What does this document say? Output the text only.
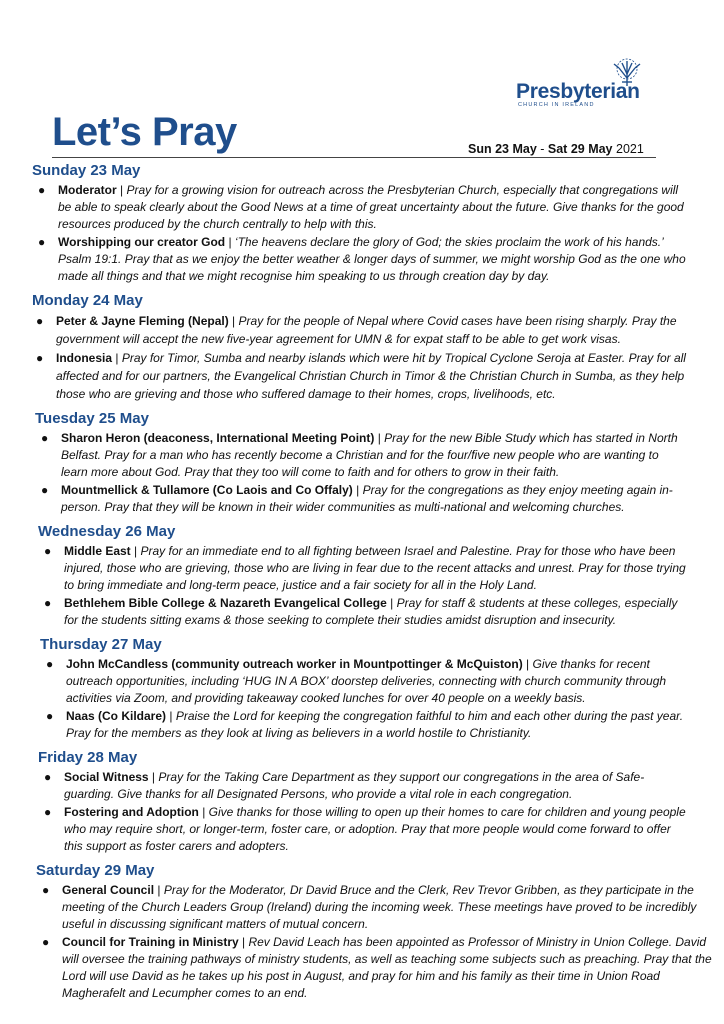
Presbyterian
CHURCH IN IRELAND
Let’s Pray	Sun 23 May - Sat 29 May 2021
Sunday 23 May
● Moderator | Pray for a growing vision for outreach across the Presbyterian Church, especially that congregations will be able to speak clearly about the Good News at a time of great uncertainty about the future. Give thanks for the good resources produced by the church centrally to help with this.
● Worshipping our creator God | ‘The heavens declare the glory of God; the skies proclaim the work of his hands.’ Psalm 19:1. Pray that as we enjoy the better weather & longer days of summer, we might worship God as the one who made all things and that we might recognise him speaking to us through creation day by day.
Monday 24 May
● Peter & Jayne Fleming (Nepal) | Pray for the people of Nepal where Covid cases have been rising sharply. Pray the government will accept the new five-year agreement for UMN & for expat staff to be able to get work visas.
● Indonesia | Pray for Timor, Sumba and nearby islands which were hit by Tropical Cyclone Seroja at Easter. Pray for all affected and for our partners, the Evangelical Christian Church in Timor & the Christian Church in Sumba, as they help those who are grieving and those who suffered damage to their homes, crops, livelihoods, etc.
Tuesday 25 May
● Sharon Heron (deaconess, International Meeting Point) | Pray for the new Bible Study which has started in North Belfast. Pray for a man who has recently become a Christian and for the four/five new people who are wanting to learn more about God. Pray that they too will come to faith and for others to grow in their faith.
● Mountmellick & Tullamore (Co Laois and Co Offaly) | Pray for the congregations as they enjoy meeting again in-person. Pray that they will be known in their wider communities as multi-national and welcoming churches.
Wednesday 26 May
● Middle East | Pray for an immediate end to all fighting between Israel and Palestine. Pray for those who have been injured, those who are grieving, those who are living in fear due to the recent attacks and unrest. Pray for those trying to bring immediate and long-term peace, justice and a fair society for all in the Holy Land.
● Bethlehem Bible College & Nazareth Evangelical College | Pray for staff & students at these colleges, especially for the students sitting exams & those seeking to complete their studies amidst disruption and insecurity.
Thursday 27 May
● John McCandless (community outreach worker in Mountpottinger & McQuiston) | Give thanks for recent outreach opportunities, including ‘HUG IN A BOX’ doorstep deliveries, connecting with church community through activities via Zoom, and providing takeaway cooked lunches for over 40 people on a weekly basis.
● Naas (Co Kildare) | Praise the Lord for keeping the congregation faithful to him and each other during the past year. Pray for the members as they look at living as believers in a world hostile to Christianity.
Friday 28 May
● Social Witness | Pray for the Taking Care Department as they support our congregations in the area of Safe-guarding. Give thanks for all Designated Persons, who provide a vital role in each congregation.
● Fostering and Adoption | Give thanks for those willing to open up their homes to care for children and young people who may require short, or longer-term, foster care, or adoption. Pray that more people would come forward to offer this support as foster carers and adopters.
Saturday 29 May
● General Council | Pray for the Moderator, Dr David Bruce and the Clerk, Rev Trevor Gribben, as they participate in the meeting of the Church Leaders Group (Ireland) during the incoming week. These meetings have proved to be incredibly useful in discussing significant matters of mutual concern.
● Council for Training in Ministry | Rev David Leach has been appointed as Professor of Ministry in Union College. David will oversee the training pathways of ministry students, as well as teaching some subjects such as preaching. Pray that the Lord will use David as he takes up his post in August, and pray for him and his family as their time in Union Road Magherafelt and Lecumpher comes to an end.
